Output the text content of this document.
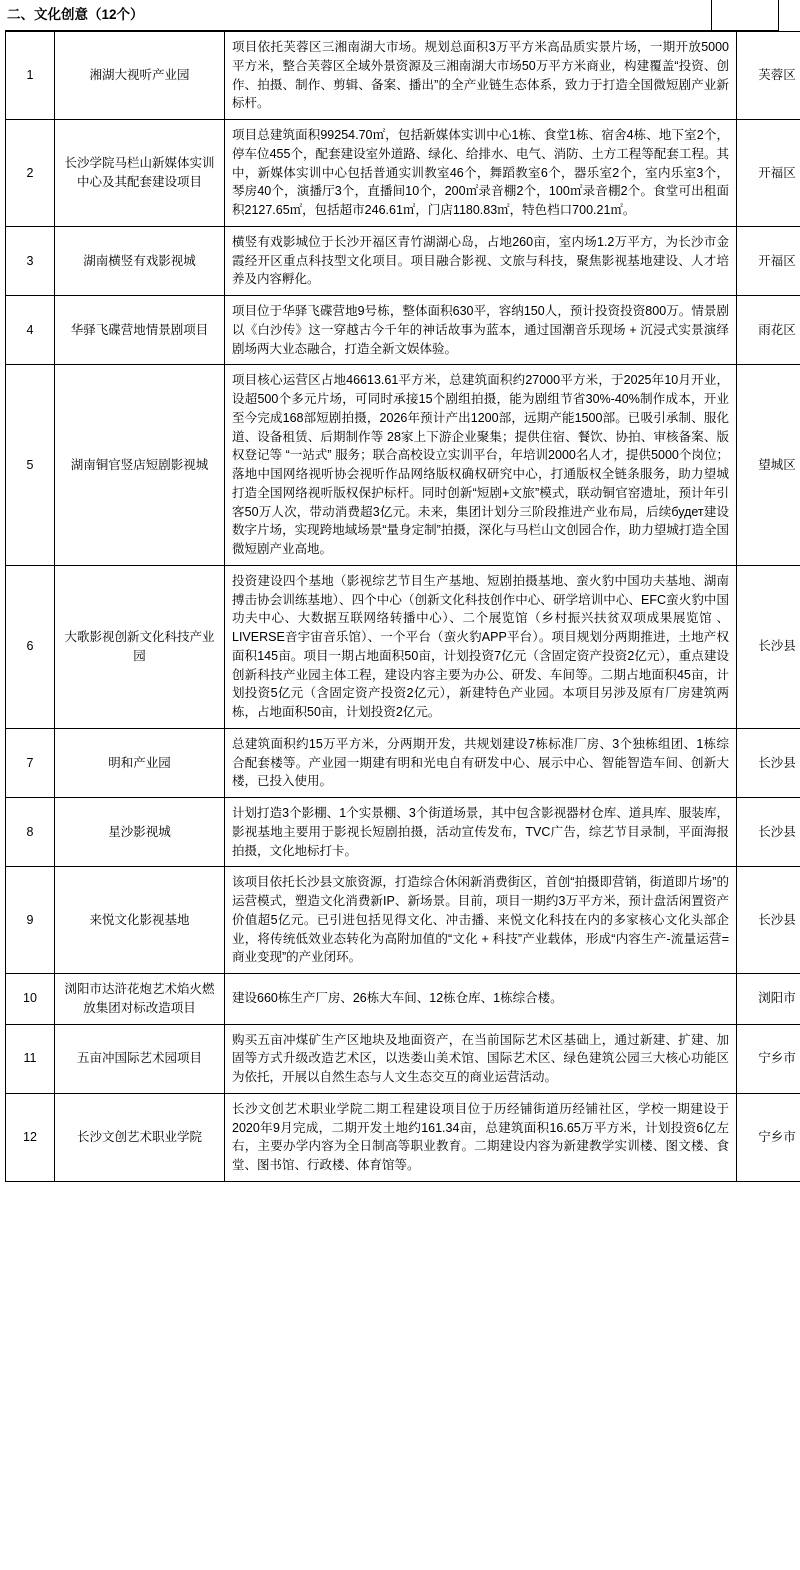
二、文化创意（12个）
1	湘湖大视听产业园	项目依托芙蓉区三湘南湖大市场。规划总面积3万平方米高品质实景片场，一期开放5000平方米，整合芙蓉区全域外景资源及三湘南湖大市场50万平方米商业，构建覆盖“投资、创作、拍摄、制作、剪辑、备案、播出”的全产业链生态体系，致力于打造全国微短剧产业新标杆。	芙蓉区
2	长沙学院马栏山新媒体实训中心及其配套建设项目	项目总建筑面积99254.70㎡，包括新媒体实训中心1栋、食堂1栋、宿舍4栋、地下室2个，停车位455个，配套建设室外道路、绿化、给排水、电气、消防、土方工程等配套工程。其中，新媒体实训中心包括普通实训教室46个，舞蹈教室6个，器乐室2个，室内乐室3个，琴房40个，演播厅3个，直播间10个，200㎡录音棚2个，100㎡录音棚2个。食堂可出租面积2127.65㎡，包括超市246.61㎡，门店1180.83㎡，特色档口700.21㎡。	开福区
3	湖南横竖有戏影视城	横竖有戏影城位于长沙开福区青竹湖湖心岛，占地260亩，室内场1.2万平方，为长沙市金霞经开区重点科技型文化项目。项目融合影视、文旅与科技，聚焦影视基地建设、人才培养及内容孵化。	开福区
4	华驿飞碟营地情景剧项目	项目位于华驿飞碟营地9号栋，整体面积630平，容纳150人，预计投资投资800万。情景剧以《白沙传》这一穿越古今千年的神话故事为蓝本，通过国潮音乐现场 + 沉浸式实景演绎剧场两大业态融合，打造全新文娱体验。	雨花区
5	湖南铜官竖店短剧影视城	项目核心运营区占地46613.61平方米，总建筑面积约27000平方米，于2025年10月开业，设超500个多元片场，可同时承接15个剧组拍摄，能为剧组节省30%-40%制作成本，开业至今完成168部短剧拍摄，2026年预计产出1200部，远期产能1500部。已吸引承制、服化道、设备租赁、后期制作等 28家上下游企业聚集；提供住宿、餐饮、协拍、审核备案、版权登记等 “一站式” 服务；联合高校设立实训平台，年培训2000名人才，提供5000个岗位；落地中国网络视听协会视听作品网络版权确权研究中心，打通版权全链条服务，助力望城打造全国网络视听版权保护标杆。同时创新“短剧+文旅”模式，联动铜官窑遗址，预计年引客50万人次，带动消费超3亿元。未来，集团计划分三阶段推进产业布局，后续будет建设数字片场，实现跨地域场景“量身定制”拍摄，深化与马栏山文创园合作，助力望城打造全国微短剧产业高地。	望城区
6	大歌影视创新文化科技产业园	投资建设四个基地（影视综艺节目生产基地、短剧拍摄基地、蛮火豹中国功夫基地、湖南搏击协会训练基地）、四个中心（创新文化科技创作中心、研学培训中心、EFC蛮火豹中国功夫中心、大数据互联网络转播中心）、二个展览馆（乡村振兴扶贫双项成果展览馆 、LIVERSE音宇宙音乐馆）、一个平台（蛮火豹APP平台）。项目规划分两期推进，土地产权面积145亩。项目一期占地面积50亩，计划投资7亿元（含固定资产投资2亿元），重点建设创新科技产业园主体工程，建设内容主要为办公、研发、车间等。二期占地面积45亩，计划投资5亿元（含固定资产投资2亿元），新建特色产业园。本项目另涉及原有厂房建筑两栋，占地面积50亩，计划投资2亿元。	长沙县
7	明和产业园	总建筑面积约15万平方米，分两期开发，共规划建设7栋标准厂房、3个独栋组团、1栋综合配套楼等。产业园一期建有明和光电自有研发中心、展示中心、智能智造车间、创新大楼，已投入使用。	长沙县
8	星沙影视城	计划打造3个影棚、1个实景棚、3个街道场景，其中包含影视器材仓库、道具库、服装库，影视基地主要用于影视长短剧拍摄，活动宣传发布，TVC广告，综艺节目录制，平面海报拍摄，文化地标打卡。	长沙县
9	来悦文化影视基地	该项目依托长沙县文旅资源，打造综合休闲新消费街区，首创“拍摄即营销，街道即片场”的运营模式，塑造文化消费新IP、新场景。目前，项目一期约3万平方米，预计盘活闲置资产价值超5亿元。已引进包括见得文化、冲击播、来悦文化科技在内的多家核心文化头部企业，将传统低效业态转化为高附加值的“文化 + 科技”产业载体，形成“内容生产-流量运营=商业变现”的产业闭环。	长沙县
10	浏阳市达浒花炮艺术焰火燃放集团对标改造项目	建设660栋生产厂房、26栋大车间、12栋仓库、1栋综合楼。	浏阳市
11	五亩冲国际艺术园项目	购买五亩冲煤矿生产区地块及地面资产，在当前国际艺术区基础上，通过新建、扩建、加固等方式升级改造艺术区，以迭娄山美术馆、国际艺术区、绿色建筑公园三大核心功能区为依托，开展以自然生态与人文生态交互的商业运营活动。	宁乡市
12	长沙文创艺术职业学院	长沙文创艺术职业学院二期工程建设项目位于历经铺街道历经铺社区，学校一期建设于2020年9月完成，二期开发土地约161.34亩，总建筑面积16.65万平方米，计划投资6亿左右，主要办学内容为全日制高等职业教育。二期建设内容为新建教学实训楼、图文楼、食堂、图书馆、行政楼、体育馆等。	宁乡市
